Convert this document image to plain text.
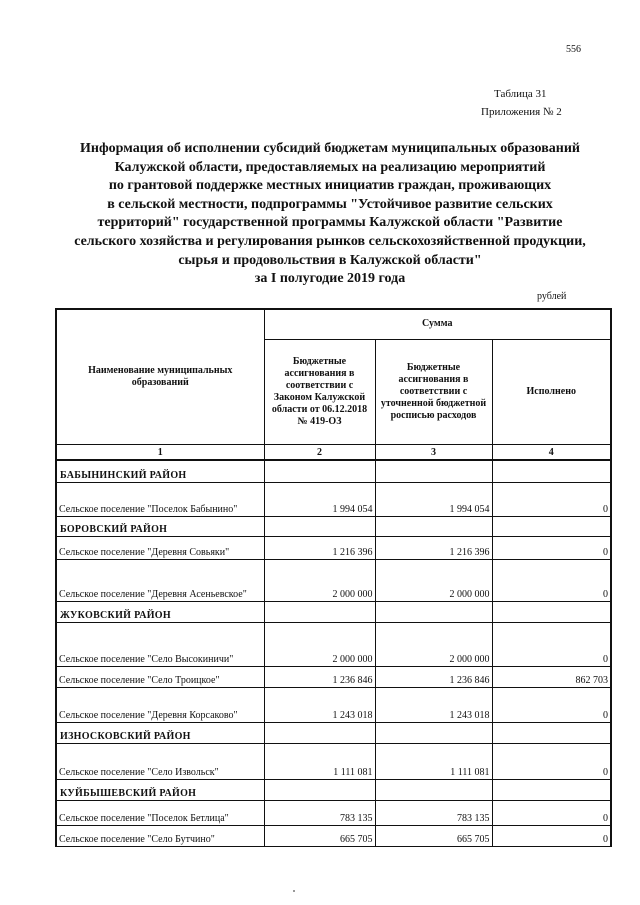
556
Таблица 31
Приложения № 2
Информация об исполнении субсидий бюджетам муниципальных образований
Калужской области, предоставляемых на реализацию мероприятий
по грантовой поддержке местных инициатив граждан, проживающих
в сельской местности, подпрограммы "Устойчивое развитие сельских
территорий" государственной программы Калужской области "Развитие
сельского хозяйства и регулирования рынков сельскохозяйственной продукции,
сырья и продовольствия в Калужской области"
за I полугодие 2019 года
рублей
Наименование муниципальных образований	Сумма		
	Бюджетные ассигнования в соответствии с Законом Калужской области от 06.12.2018 № 419-ОЗ	Бюджетные ассигнования в соответствии с уточненной бюджетной росписью расходов	Исполнено
1	2	3	4
БАБЫНИНСКИЙ РАЙОН			
Сельское поселение "Поселок Бабынино"	1 994 054	1 994 054	0
БОРОВСКИЙ РАЙОН			
Сельское поселение "Деревня Совьяки"	1 216 396	1 216 396	0
Сельское поселение "Деревня Асеньевское"	2 000 000	2 000 000	0
ЖУКОВСКИЙ РАЙОН			
Сельское поселение "Село Высокиничи"	2 000 000	2 000 000	0
Сельское поселение "Село Троицкое"	1 236 846	1 236 846	862 703
Сельское поселение "Деревня Корсаково"	1 243 018	1 243 018	0
ИЗНОСКОВСКИЙ РАЙОН			
Сельское поселение "Село Извольск"	1 111 081	1 111 081	0
КУЙБЫШЕВСКИЙ РАЙОН			
Сельское поселение "Поселок Бетлица"	783 135	783 135	0
Сельское поселение "Село Бутчино"	665 705	665 705	0
